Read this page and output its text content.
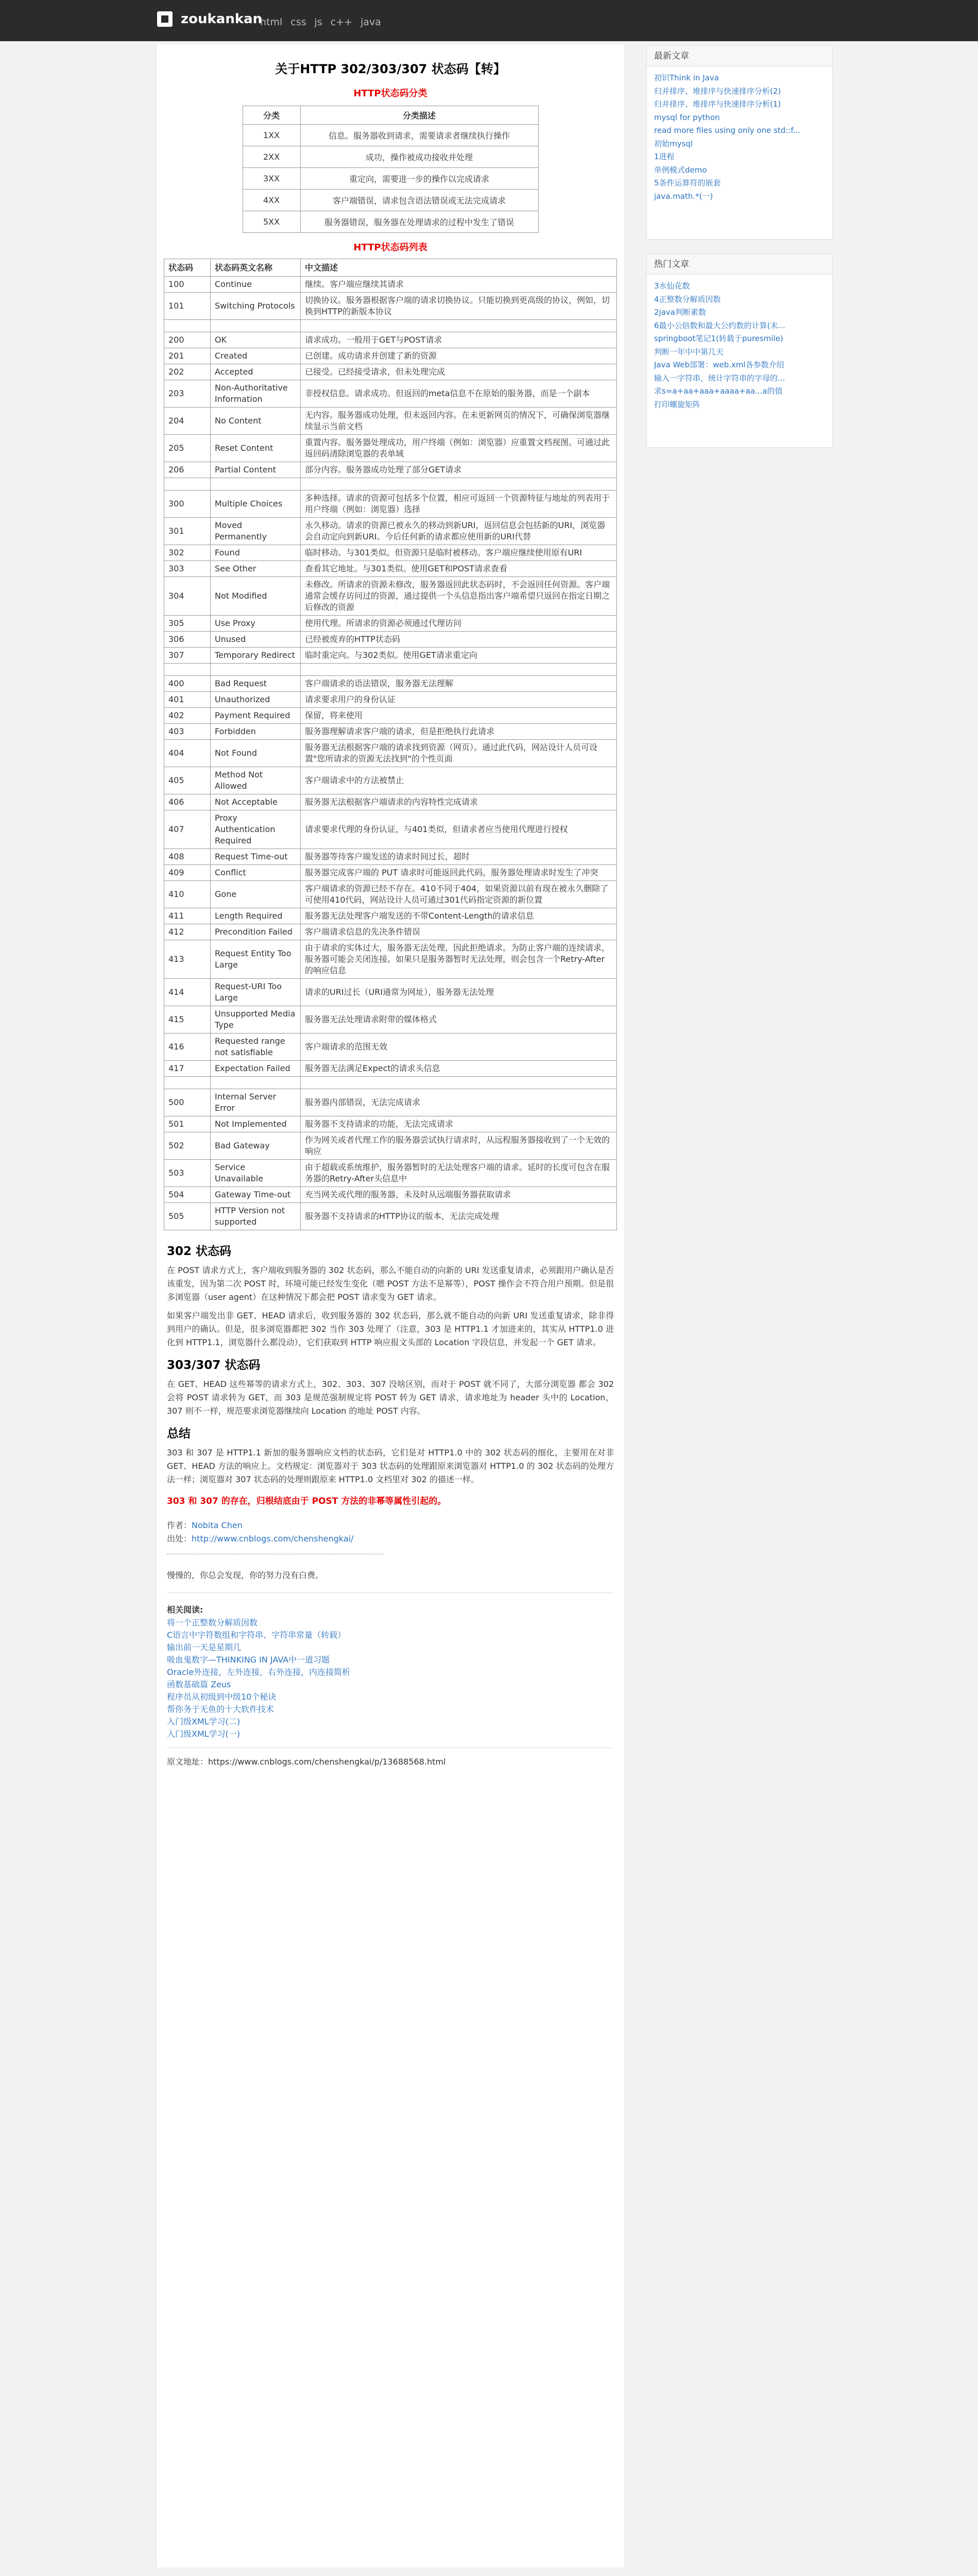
zoukankan
html css js c++ java
关于HTTP 302/303/307 状态码【转】
HTTP状态码分类
分类	分类描述
1XX	信息。服务器收到请求，需要请求者继续执行操作
2XX	成功，操作被成功接收并处理
3XX	重定向，需要进一步的操作以完成请求
4XX	客户端错误，请求包含语法错误或无法完成请求
5XX	服务器错误，服务器在处理请求的过程中发生了错误
HTTP状态码列表
状态码	状态码英文名称	中文描述
100	Continue	继续。客户端应继续其请求
101	Switching Protocols	切换协议。服务器根据客户端的请求切换协议。只能切换到更高级的协议，例如，切换到HTTP的新版本协议

200	OK	请求成功。一般用于GET与POST请求
201	Created	已创建。成功请求并创建了新的资源
202	Accepted	已接受。已经接受请求，但未处理完成
203	Non-Authoritative Information	非授权信息。请求成功。但返回的meta信息不在原始的服务器，而是一个副本
204	No Content	无内容。服务器成功处理，但未返回内容。在未更新网页的情况下，可确保浏览器继续显示当前文档
205	Reset Content	重置内容。服务器处理成功，用户终端（例如：浏览器）应重置文档视图。可通过此返回码清除浏览器的表单域
206	Partial Content	部分内容。服务器成功处理了部分GET请求

300	Multiple Choices	多种选择。请求的资源可包括多个位置，相应可返回一个资源特征与地址的列表用于用户终端（例如：浏览器）选择
301	Moved Permanently	永久移动。请求的资源已被永久的移动到新URI，返回信息会包括新的URI，浏览器会自动定向到新URI。今后任何新的请求都应使用新的URI代替
302	Found	临时移动。与301类似。但资源只是临时被移动。客户端应继续使用原有URI
303	See Other	查看其它地址。与301类似。使用GET和POST请求查看
304	Not Modified	未修改。所请求的资源未修改，服务器返回此状态码时，不会返回任何资源。客户端通常会缓存访问过的资源，通过提供一个头信息指出客户端希望只返回在指定日期之后修改的资源
305	Use Proxy	使用代理。所请求的资源必须通过代理访问
306	Unused	已经被废弃的HTTP状态码
307	Temporary Redirect	临时重定向。与302类似。使用GET请求重定向

400	Bad Request	客户端请求的语法错误，服务器无法理解
401	Unauthorized	请求要求用户的身份认证
402	Payment Required	保留，将来使用
403	Forbidden	服务器理解请求客户端的请求，但是拒绝执行此请求
404	Not Found	服务器无法根据客户端的请求找到资源（网页）。通过此代码，网站设计人员可设置"您所请求的资源无法找到"的个性页面
405	Method Not Allowed	客户端请求中的方法被禁止
406	Not Acceptable	服务器无法根据客户端请求的内容特性完成请求
407	Proxy Authentication Required	请求要求代理的身份认证，与401类似，但请求者应当使用代理进行授权
408	Request Time-out	服务器等待客户端发送的请求时间过长，超时
409	Conflict	服务器完成客户端的 PUT 请求时可能返回此代码，服务器处理请求时发生了冲突
410	Gone	客户端请求的资源已经不存在。410不同于404，如果资源以前有现在被永久删除了可使用410代码，网站设计人员可通过301代码指定资源的新位置
411	Length Required	服务器无法处理客户端发送的不带Content-Length的请求信息
412	Precondition Failed	客户端请求信息的先决条件错误
413	Request Entity Too Large	由于请求的实体过大，服务器无法处理，因此拒绝请求。为防止客户端的连续请求，服务器可能会关闭连接。如果只是服务器暂时无法处理，则会包含一个Retry-After的响应信息
414	Request-URI Too Large	请求的URI过长（URI通常为网址），服务器无法处理
415	Unsupported Media Type	服务器无法处理请求附带的媒体格式
416	Requested range not satisfiable	客户端请求的范围无效
417	Expectation Failed	服务器无法满足Expect的请求头信息

500	Internal Server Error	服务器内部错误，无法完成请求
501	Not Implemented	服务器不支持请求的功能，无法完成请求
502	Bad Gateway	作为网关或者代理工作的服务器尝试执行请求时，从远程服务器接收到了一个无效的响应
503	Service Unavailable	由于超载或系统维护，服务器暂时的无法处理客户端的请求。延时的长度可包含在服务器的Retry-After头信息中
504	Gateway Time-out	充当网关或代理的服务器，未及时从远端服务器获取请求
505	HTTP Version not supported	服务器不支持请求的HTTP协议的版本，无法完成处理
302 状态码
在 POST 请求方式上，客户端收到服务器的 302 状态码，那么不能自动的向新的 URI 发送重复请求，必须跟用户确认是否该重发，因为第二次 POST 时，环境可能已经发生变化（嗯 POST 方法不是幂等），POST 操作会不符合用户预期。但是很多浏览器（user agent）在这种情况下都会把 POST 请求变为 GET 请求。
如果客户端发出非 GET、HEAD 请求后，收到服务器的 302 状态码，那么就不能自动的向新 URI 发送重复请求，除非得到用户的确认。但是，很多浏览器都把 302 当作 303 处理了（注意，303 是 HTTP1.1 才加进来的，其实从 HTTP1.0 进化到 HTTP1.1，浏览器什么都没动），它们获取到 HTTP 响应报文头部的 Location 字段信息，并发起一个 GET 请求。
303/307 状态码
在 GET、HEAD 这些幂等的请求方式上，302、303、307 没啥区别，而对于 POST 就不同了，大部分浏览器 都会 302 会将 POST 请求转为 GET，而 303 是规范强制规定将 POST 转为 GET 请求，请求地址为 header 头中的 Location，307 则不一样，规范要求浏览器继续向 Location 的地址 POST 内容。
总结
303 和 307 是 HTTP1.1 新加的服务器响应文档的状态码，它们是对 HTTP1.0 中的 302 状态码的细化，主要用在对非 GET、HEAD 方法的响应上。文档规定：浏览器对于 303 状态码的处理跟原来浏览器对 HTTP1.0 的 302 状态码的处理方法一样；浏览器对 307 状态码的处理则跟原来 HTTP1.0 文档里对 302 的描述一样。
303 和 307 的存在，归根结底由于 POST 方法的非幂等属性引起的。
作者：Nobita Chen
出处：http://www.cnblogs.com/chenshengkai/
慢慢的，你总会发现，你的努力没有白费。
相关阅读:
将一个正整数分解质因数
C语言中字符数组和字符串、字符串常量（转载）
输出前一天是星期几
吸血鬼数字—THINKING IN JAVA中一道习题
Oracle外连接，左外连接，右外连接，内连接简析
函数基础篇 Zeus
程序员从初级到中级10个秘诀
帮你务于无鱼的十大软件技术
入门级XML学习(二)
入门级XML学习(一)
原文地址：https://www.cnblogs.com/chenshengkai/p/13688568.html
最新文章
初识Think in Java
归并排序、堆排序与快速排序分析(2)
归并排序、堆排序与快速排序分析(1)
mysql for python
read more files using only one std::f...
初始mysql
1进程
单例模式demo
5条件运算符的嵌套
java.math.*(一)
热门文章
3水仙花数
4正整数分解质因数
2java判断素数
6最小公倍数和最大公约数的计算(末...
springboot笔记1(转载于puresmile)
判断一年中中第几天
Java Web部署：web.xml各参数介绍
输入一字符串，统计字符串的字母的...
求s=a+aa+aaa+aaaa+aa...a的值
打印螺旋矩阵
